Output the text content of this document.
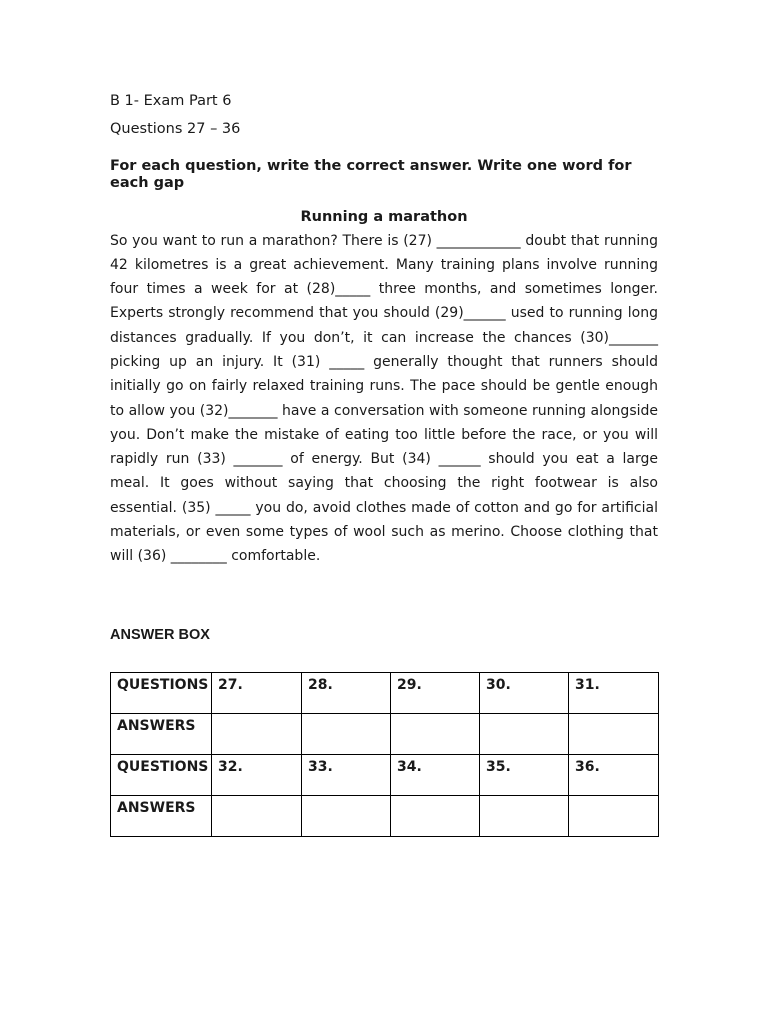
B 1- Exam Part 6

Questions 27 – 36

For each question, write the correct answer. Write one word for each gap

Running a marathon

So you want to run a marathon? There is (27) ____________ doubt that running 42 kilometres is a great achievement. Many training plans involve running four times a week for at (28)_____ three months, and sometimes longer. Experts strongly recommend that you should (29)______ used to running long distances gradually. If you don’t, it can increase the chances (30)_______ picking up an injury. It (31) _____ generally thought that runners should initially go on fairly relaxed training runs. The pace should be gentle enough to allow you (32)_______ have a conversation with someone running alongside you. Don’t make the mistake of eating too little before the race, or you will rapidly run (33) _______ of energy. But (34) ______ should you eat a large meal. It goes without saying that choosing the right footwear is also essential. (35) _____ you do, avoid clothes made of cotton and go for artificial materials, or even some types of wool such as merino. Choose clothing that will (36) ________ comfortable.

ANSWER BOX

QUESTIONS	27.	28.	29.	30.	31.
ANSWERS					
QUESTIONS	32.	33.	34.	35.	36.
ANSWERS					
